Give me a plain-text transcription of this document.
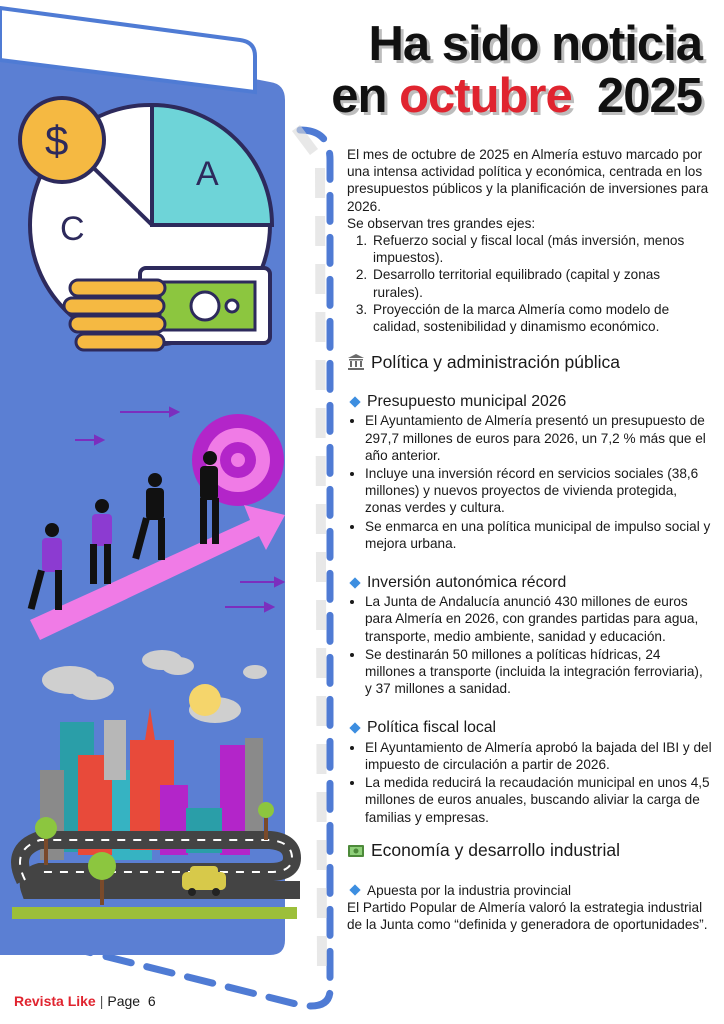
A
C
$
Ha sido noticia
en octubre 2025

El mes de octubre de 2025 en Almería estuvo marcado por una intensa actividad política y económica, centrada en los presupuestos públicos y la planificación de inversiones para 2026.

Se observan tres grandes ejes:

1. Refuerzo social y fiscal local (más inversión, menos impuestos).
2. Desarrollo territorial equilibrado (capital y zonas rurales).
3. Proyección de la marca Almería como modelo de calidad, sostenibilidad y dinamismo económico.
Política y administración pública
Presupuesto municipal 2026
• El Ayuntamiento de Almería presentó un presupuesto de 297,7 millones de euros para 2026, un 7,2 % más que el año anterior.
• Incluye una inversión récord en servicios sociales (38,6 millones) y nuevos proyectos de vivienda protegida, zonas verdes y cultura.
• Se enmarca en una política municipal de impulso social y mejora urbana.
Inversión autonómica récord
• La Junta de Andalucía anunció 430 millones de euros para Almería en 2026, con grandes partidas para agua, transporte, medio ambiente, sanidad y educación.
• Se destinarán 50 millones a políticas hídricas, 24 millones a transporte (incluida la integración ferroviaria), y 37 millones a sanidad.
Política fiscal local
• El Ayuntamiento de Almería aprobó la bajada del IBI y del impuesto de circulación a partir de 2026.
• La medida reducirá la recaudación municipal en unos 4,5 millones de euros anuales, buscando aliviar la carga de familias y empresas.
Economía y desarrollo industrial
Apuesta por la industria provincial

El Partido Popular de Almería valoró la estrategia industrial de la Junta como “definida y generadora de oportunidades”.

Revista Like | Page  6
